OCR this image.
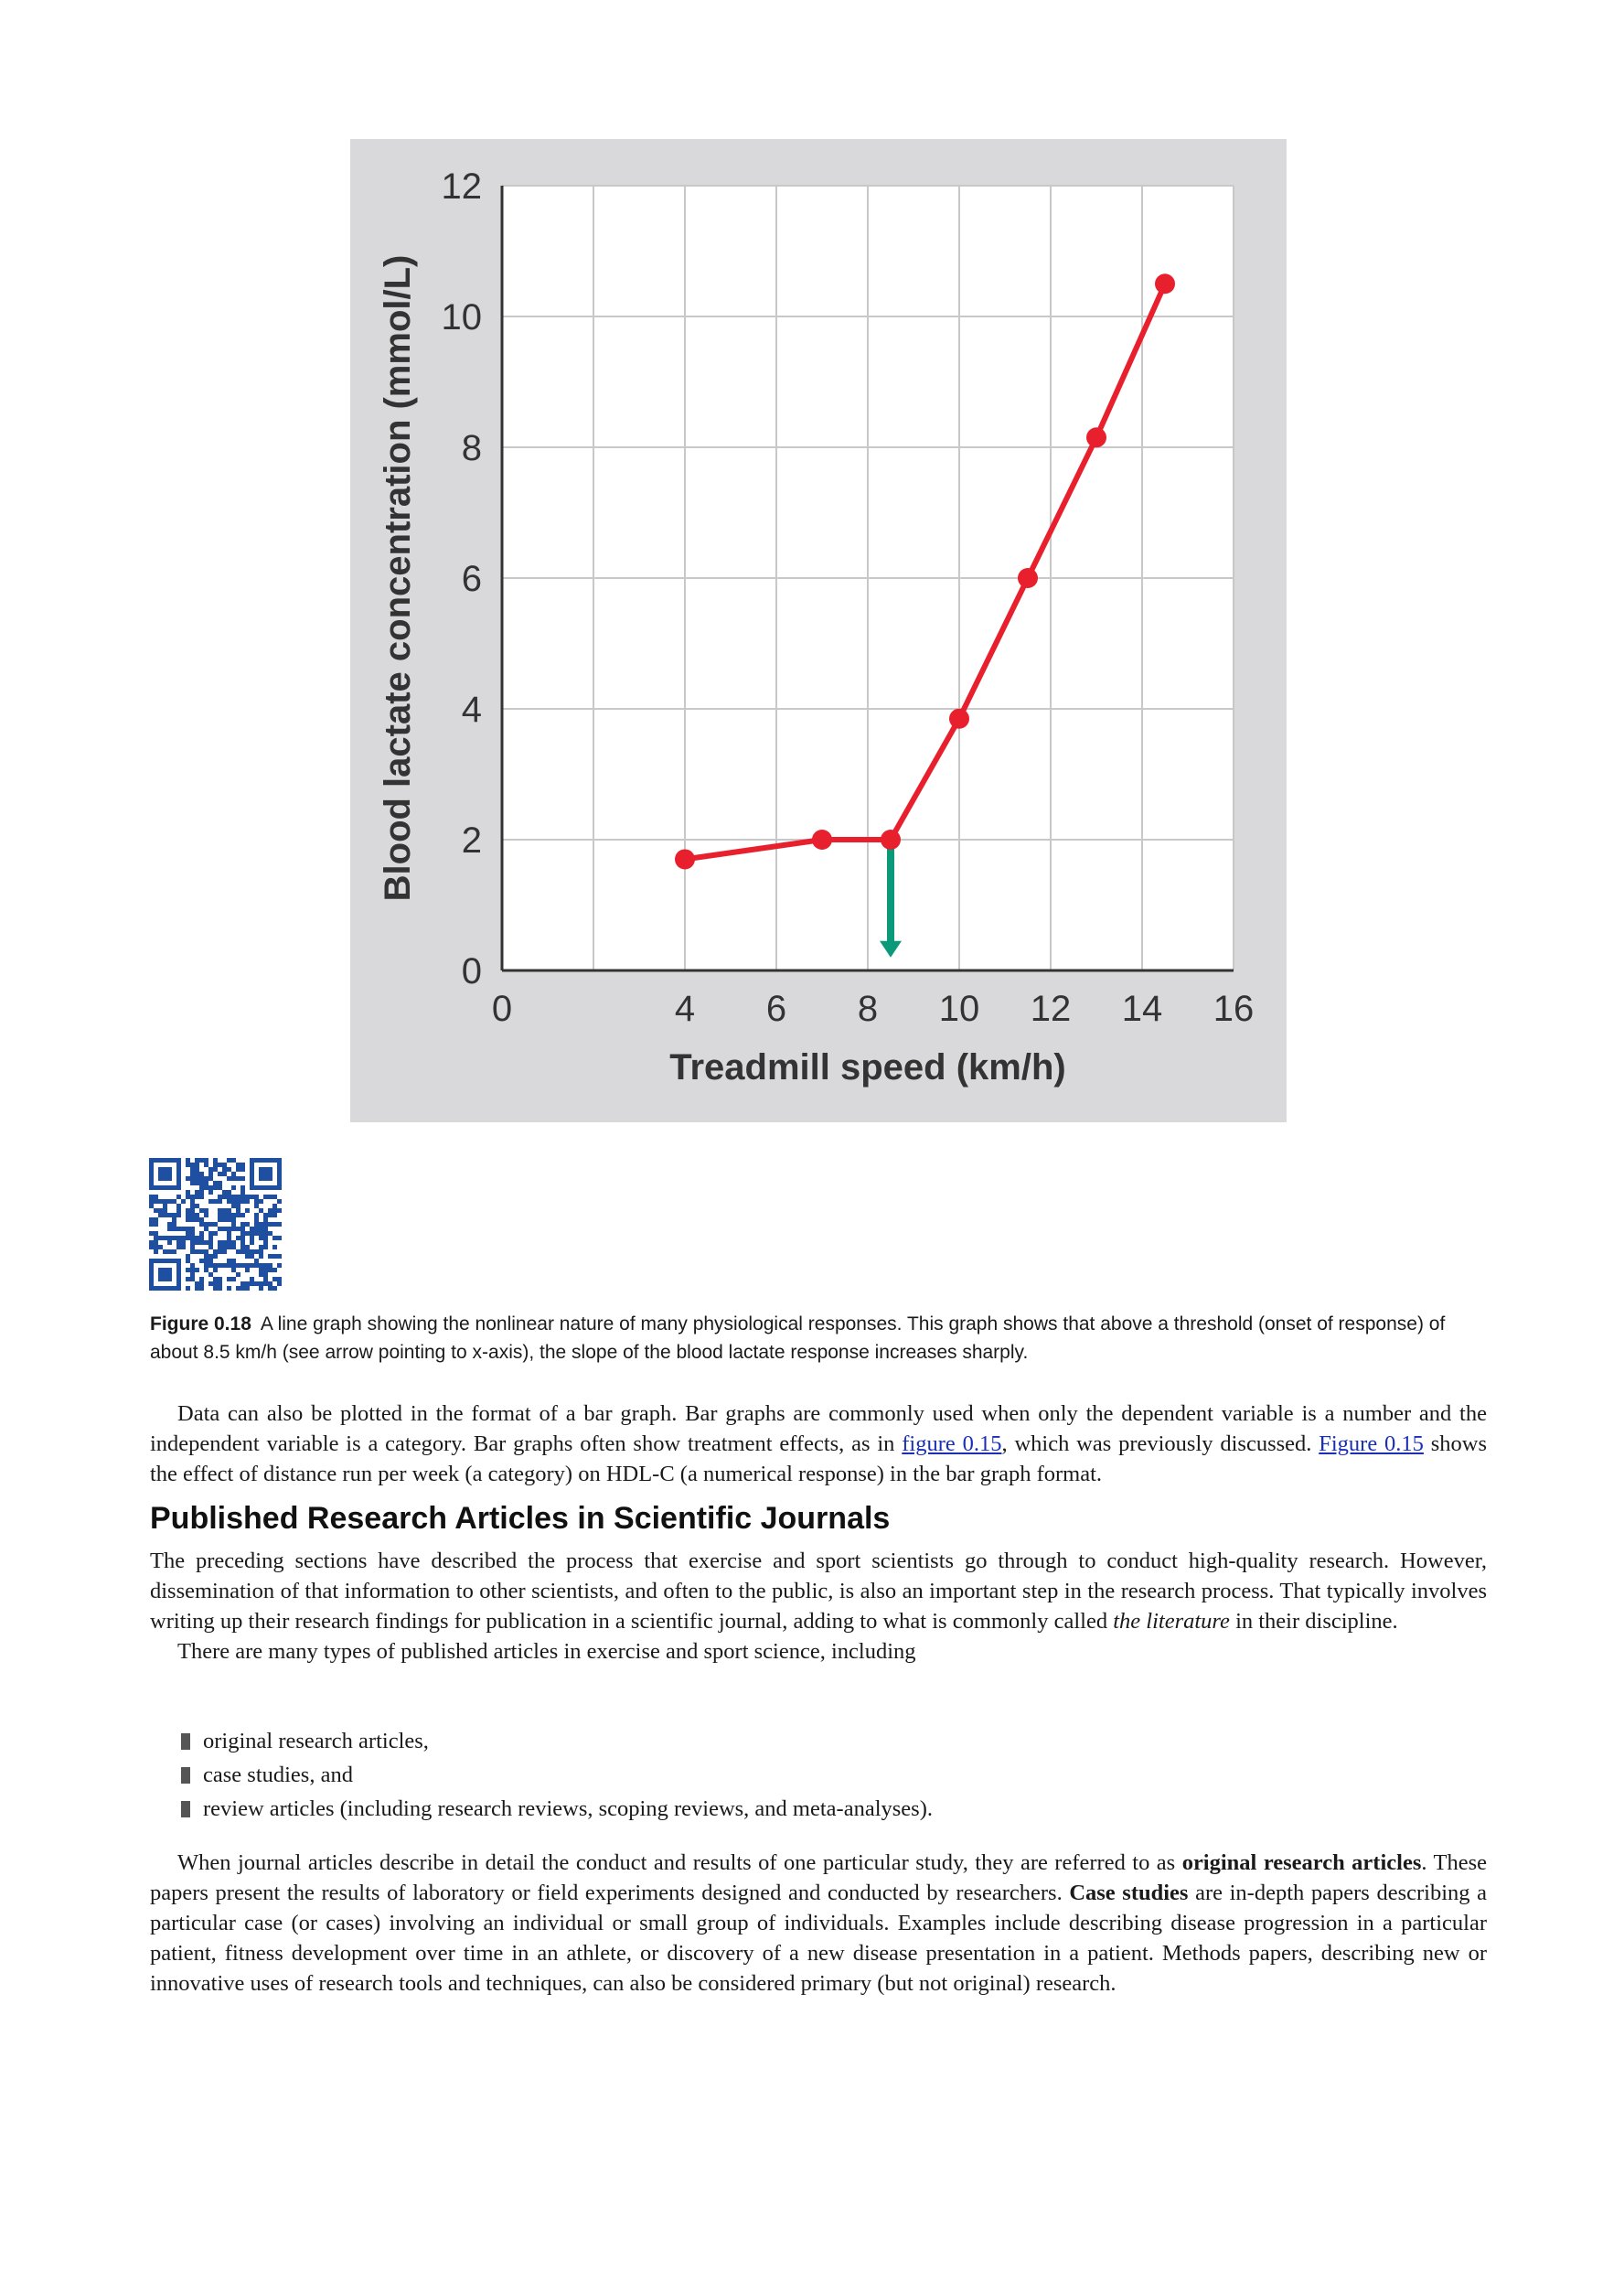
0	4 6 8 10 12 14 16
0
2
4
6
8
10
12
Treadmill speed (km/h)
Blood lactate concentration (mmol/L)
Figure 0.18 A line graph showing the nonlinear nature of many physiological responses. This graph shows that above a threshold (onset of response) of about 8.5 km/h (see arrow pointing to x-axis), the slope of the blood lactate response increases sharply.

Data can also be plotted in the format of a bar graph. Bar graphs are commonly used when only the dependent variable is a number and the independent variable is a category. Bar graphs often show treatment effects, as in figure 0.15, which was previously discussed. Figure 0.15 shows the effect of distance run per week (a category) on HDL-C (a numerical response) in the bar graph format.

Published Research Articles in Scientific Journals

The preceding sections have described the process that exercise and sport scientists go through to conduct high-quality research. However, dissemination of that information to other scientists, and often to the public, is also an important step in the research process. That typically involves writing up their research findings for publication in a scientific journal, adding to what is commonly called the literature in their discipline.

There are many types of published articles in exercise and sport science, including

original research articles,
case studies, and
review articles (including research reviews, scoping reviews, and meta-analyses).

When journal articles describe in detail the conduct and results of one particular study, they are referred to as original research articles. These papers present the results of laboratory or field experiments designed and conducted by researchers. Case studies are in-depth papers describing a particular case (or cases) involving an individual or small group of individuals. Examples include describing disease progression in a particular patient, fitness development over time in an athlete, or discovery of a new disease presentation in a patient. Methods papers, describing new or innovative uses of research tools and techniques, can also be considered primary (but not original) research.
